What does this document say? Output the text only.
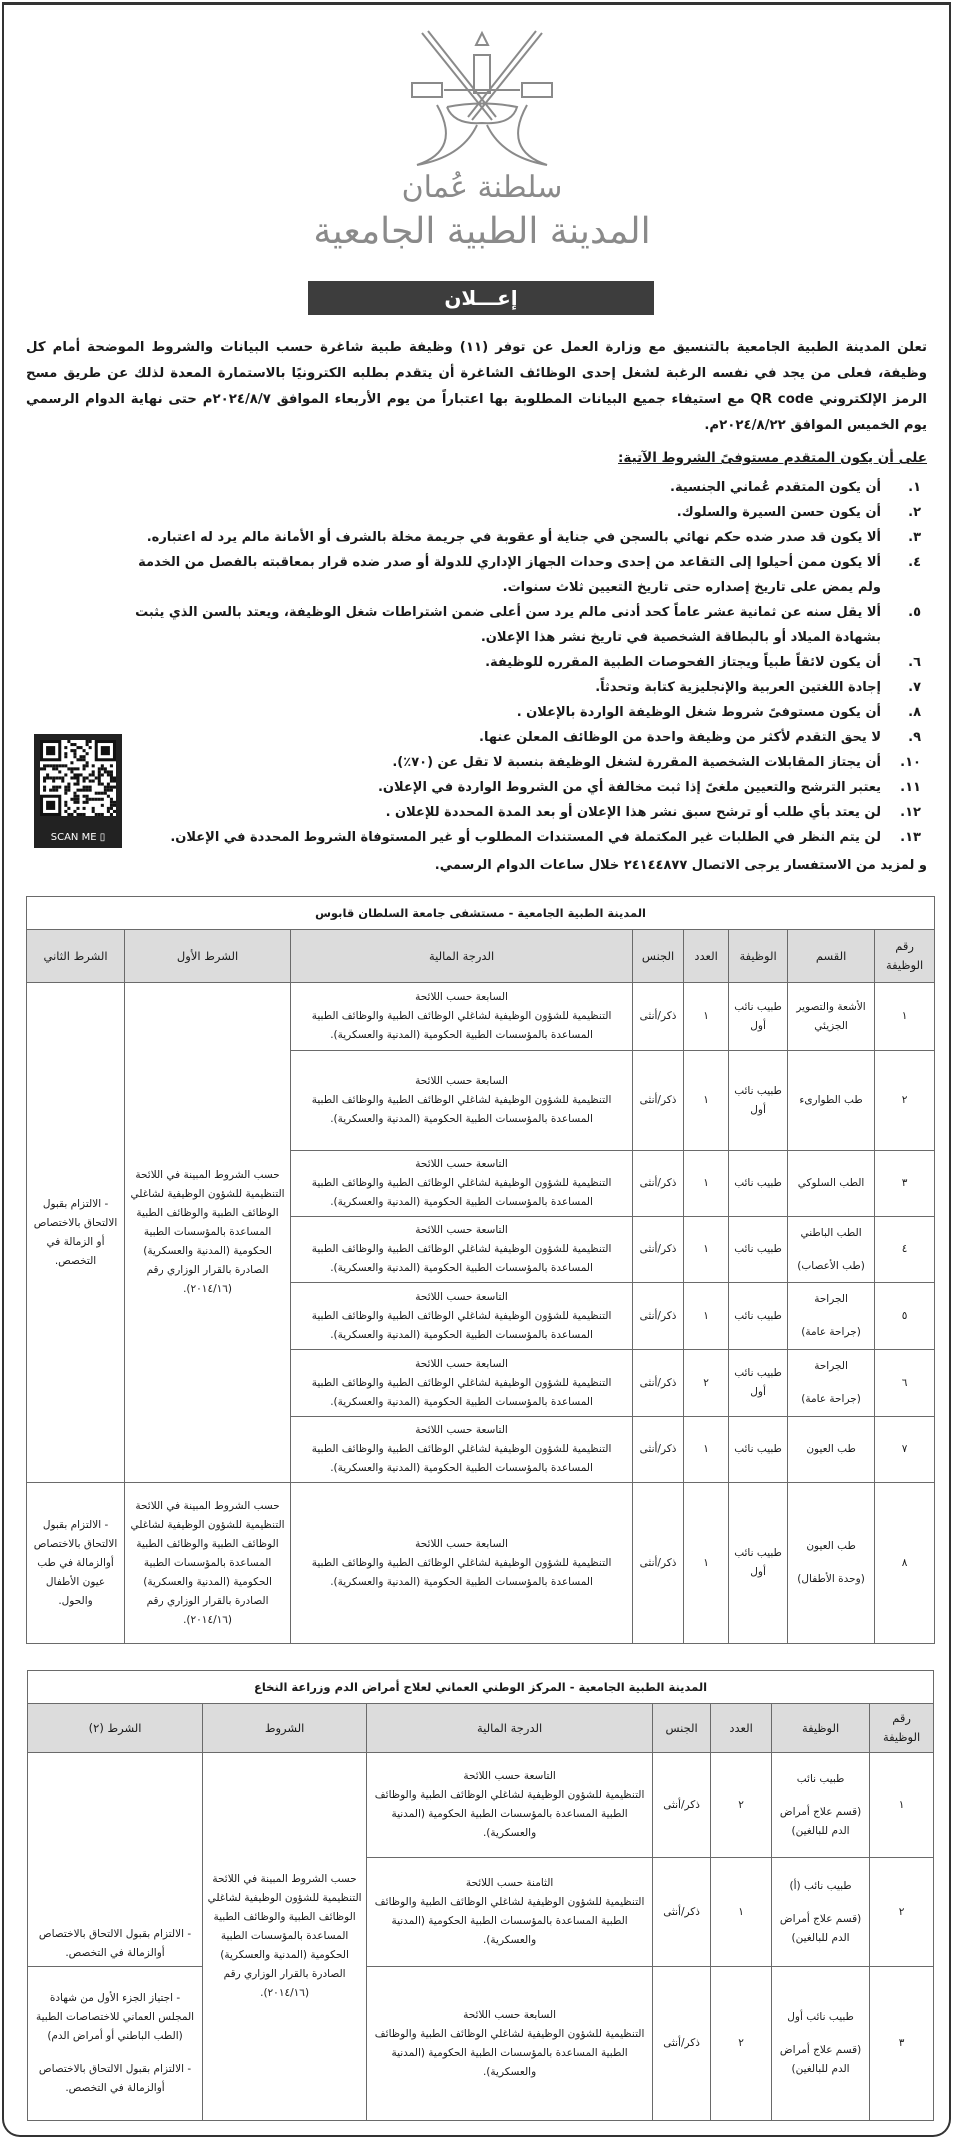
سلطنة عُمان
المدينة الطبية الجامعية
إعـــلان
تعلن المدينة الطبية الجامعية بالتنسيق مع وزارة العمل عن توفر (١١) وظيفة طبية شاغرة حسب البيانات والشروط الموضحة أمام كل وظيفة، فعلى من يجد في نفسه الرغبة لشغل إحدى الوظائف الشاغرة أن يتقدم بطلبه الكترونيًا بالاستمارة المعدة لذلك عن طريق مسح الرمز الإلكتروني QR code مع استيفاء جميع البيانات المطلوبة بها اعتباراً من يوم الأربعاء الموافق ٢٠٢٤/٨/٧م حتى نهاية الدوام الرسمي يوم الخميس الموافق ٢٠٢٤/٨/٢٢م.
على أن يكون المتقدم مستوفىً الشروط الآتية:
١.
أن يكون المتقدم عُماني الجنسية.
٢.
أن يكون حسن السيرة والسلوك.
٣.
ألا يكون قد صدر ضده حكم نهائي بالسجن في جناية أو عقوبة في جريمة مخلة بالشرف أو الأمانة مالم يرد له اعتباره.
٤.
ألا يكون ممن أحيلوا إلى التقاعد من إحدى وحدات الجهاز الإداري للدولة أو صدر ضده قرار بمعاقبته بالفصل من الخدمة ولم يمض على تاريخ إصداره حتى تاريخ التعيين ثلاث سنوات.
٥.
ألا يقل سنه عن ثمانية عشر عاماً كحد أدنى مالم يرد سن أعلى ضمن اشتراطات شغل الوظيفة، ويعتد بالسن الذي يثبت بشهادة الميلاد أو بالبطاقة الشخصية في تاريخ نشر هذا الإعلان.
٦.
أن يكون لائقاً طبياً ويجتاز الفحوصات الطبية المقرره للوظيفة.
٧.
إجادة اللغتين العربية والإنجليزية كتابة وتحدثاً.
٨.
أن يكون مستوفىً شروط شغل الوظيفة الواردة بالإعلان .
٩.
لا يحق التقدم لأكثر من وظيفة واحدة من الوظائف المعلن عنها.
١٠.
أن يجتاز المقابلات الشخصية المقررة لشغل الوظيفة بنسبة لا تقل عن (٧٠٪).
١١.
يعتبر الترشح والتعيين ملغىً إذا ثبت مخالفة أي من الشروط الواردة في الإعلان.
١٢.
لن يعتد بأي طلب أو ترشح سبق نشر هذا الإعلان أو بعد المدة المحددة للإعلان .
١٣.
لن يتم النظر في الطلبات غير المكتملة في المستندات المطلوب أو غير المستوفاة الشروط المحددة في الإعلان.
▯ SCAN ME
و لمزيد من الاستفسار يرجى الاتصال ٢٤١٤٤٨٧٧ خلال ساعات الدوام الرسمي.
المدينة الطبية الجامعية - مستشفى جامعة السلطان قابوس							
رقم الوظيفة	القسم	الوظيفة	العدد	الجنس	الدرجة المالية	الشرط الأول	الشرط الثاني
١	الأشعة والتصوير الجزيئي	طبيب نائب أول	١	ذكر/أنثى	السابعة حسب اللائحة
التنظيمية للشؤون الوظيفية لشاغلي الوظائف الطبية والوظائف الطبية المساعدة بالمؤسسات الطبية الحكومية (المدنية والعسكرية).	حسب الشروط المبينة في اللائحة التنظيمية للشؤون الوظيفية لشاغلي الوظائف الطبية والوظائف الطبية المساعدة بالمؤسسات الطبية الحكومية (المدنية والعسكرية) الصادرة بالقرار الوزاري رقم (٢٠١٤/١٦).	- الالتزام بقبول الالتحاق بالاختصاص أو الزمالة في التخصص.
٢	طب الطوارىء	طبيب نائب أول	١	ذكر/أنثى	السابعة حسب اللائحة
التنظيمية للشؤون الوظيفية لشاغلي الوظائف الطبية والوظائف الطبية المساعدة بالمؤسسات الطبية الحكومية (المدنية والعسكرية).		
٣	الطب السلوكي	طبيب نائب	١	ذكر/أنثى	التاسعة حسب اللائحة
التنظيمية للشؤون الوظيفية لشاغلي الوظائف الطبية والوظائف الطبية المساعدة بالمؤسسات الطبية الحكومية (المدنية والعسكرية).		
٤	الطب الباطني
(طب الأعصاب)	طبيب نائب	١	ذكر/أنثى	التاسعة حسب اللائحة
التنظيمية للشؤون الوظيفية لشاغلي الوظائف الطبية والوظائف الطبية المساعدة بالمؤسسات الطبية الحكومية (المدنية والعسكرية).		
٥	الجراحة
(جراحة عامة)	طبيب نائب	١	ذكر/أنثى	التاسعة حسب اللائحة
التنظيمية للشؤون الوظيفية لشاغلي الوظائف الطبية والوظائف الطبية المساعدة بالمؤسسات الطبية الحكومية (المدنية والعسكرية).		
٦	الجراحة
(جراحة عامة)	طبيب نائب أول	٢	ذكر/أنثى	السابعة حسب اللائحة
التنظيمية للشؤون الوظيفية لشاغلي الوظائف الطبية والوظائف الطبية المساعدة بالمؤسسات الطبية الحكومية (المدنية والعسكرية).		
٧	طب العيون	طبيب نائب	١	ذكر/أنثى	التاسعة حسب اللائحة
التنظيمية للشؤون الوظيفية لشاغلي الوظائف الطبية والوظائف الطبية المساعدة بالمؤسسات الطبية الحكومية (المدنية والعسكرية).		
٨	طب العيون
(وحدة الأطفال)	طبيب نائب أول	١	ذكر/أنثى	السابعة حسب اللائحة
التنظيمية للشؤون الوظيفية لشاغلي الوظائف الطبية والوظائف الطبية المساعدة بالمؤسسات الطبية الحكومية (المدنية والعسكرية).	حسب الشروط المبينة في اللائحة التنظيمية للشؤون الوظيفية لشاغلي الوظائف الطبية والوظائف الطبية المساعدة بالمؤسسات الطبية الحكومية (المدنية والعسكرية) الصادرة بالقرار الوزاري رقم (٢٠١٤/١٦).	- الالتزام بقبول الالتحاق بالاختصاص أوالزمالة في طب عيون الأطفال والحول.
المدينة الطبية الجامعية - المركز الوطني العماني لعلاج أمراض الدم وزراعة النخاع						
رقم الوظيفة	الوظيفة	العدد	الجنس	الدرجة المالية	الشروط	الشرط (٢)
١	طبيب نائب
(قسم علاج أمراض الدم للبالغين)	٢	ذكر/أنثى	التاسعة حسب اللائحة
التنظيمية للشؤون الوظيفية لشاغلي الوظائف الطبية والوظائف الطبية المساعدة بالمؤسسات الطبية الحكومية (المدنية والعسكرية).	حسب الشروط المبينة في اللائحة التنظيمية للشؤون الوظيفية لشاغلي الوظائف الطبية والوظائف الطبية المساعدة بالمؤسسات الطبية الحكومية (المدنية والعسكرية) الصادرة بالقرار الوزاري رقم (٢٠١٤/١٦).	- الالتزام بقبول الالتحاق بالاختصاص أوالزمالة في التخصص.
٢	طبيب نائب (أ)
(قسم علاج أمراض الدم للبالغين)	١	ذكر/أنثى	الثامنة حسب اللائحة
التنظيمية للشؤون الوظيفية لشاغلي الوظائف الطبية والوظائف الطبية المساعدة بالمؤسسات الطبية الحكومية (المدنية والعسكرية).		
٣	طبيب نائب أول
(قسم علاج أمراض الدم للبالغين)	٢	ذكر/أنثى	السابعة حسب اللائحة
التنظيمية للشؤون الوظيفية لشاغلي الوظائف الطبية والوظائف الطبية المساعدة بالمؤسسات الطبية الحكومية (المدنية والعسكرية).		- اجتياز الجزء الأول من شهادة المجلس العماني للاختصاصات الطبية (الطب الباطني أو أمراض الدم)
- الالتزام بقبول الالتحاق بالاختصاص أوالزمالة في التخصص.
